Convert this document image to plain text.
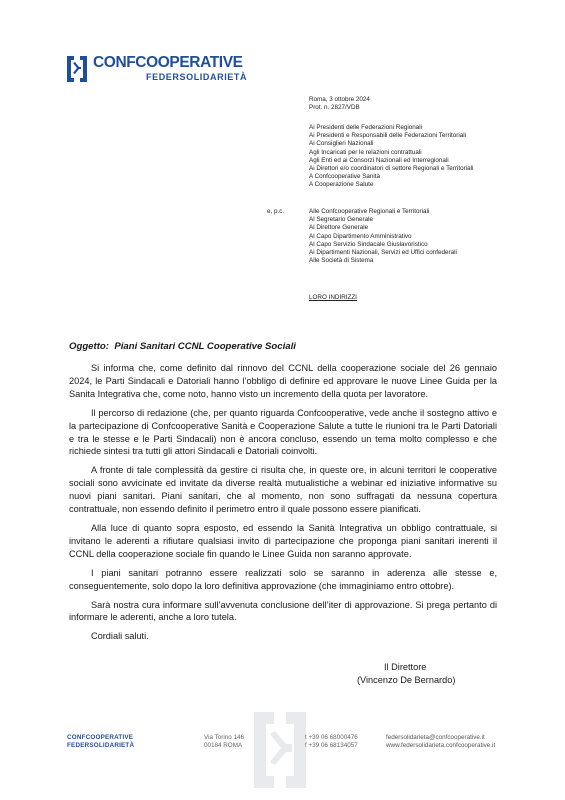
CONFCOOPERATIVE
FEDERSOLIDARIETÀ
Roma, 3 ottobre 2024
Prot. n. 2827/VDB
Ai Presidenti delle Federazioni Regionali
Ai Presidenti e Responsabili delle Federazioni Territoriali
Ai Consiglieri Nazionali
Agli Incaricati per le relazioni contrattuali
Agli Enti ed ai Consorzi Nazionali ed Interregionali
Ai Direttori e/o coordinatori di settore Regionali e Territoriali
A Confcooperative Sanità
A Cooperazione Salute
e, p.c.	Alle Confcooperative Regionali e Territoriali
Al Segretario Generale
Al Direttore Generale
Al Capo Dipartimento Amministrativo
Al Capo Servizio Sindacale Giuslavoristico
Ai Dipartimenti Nazionali, Servizi ed Uffici confederali
Alle Società di Sistema
LORO INDIRIZZI
Oggetto:  Piani Sanitari CCNL Cooperative Sociali

Si informa che, come definito dal rinnovo del CCNL della cooperazione sociale del 26 gennaio 2024, le Parti Sindacali e Datoriali hanno l’obbligo di definire ed approvare le nuove Linee Guida per la Sanita Integrativa che, come noto, hanno visto un incremento della quota per lavoratore.

Il percorso di redazione (che, per quanto riguarda Confcooperative, vede anche il sostegno attivo e la partecipazione di Confcooperative Sanità e Cooperazione Salute a tutte le riunioni tra le Parti Datoriali e tra le stesse e le Parti Sindacali) non è ancora concluso, essendo un tema molto complesso e che richiede sintesi tra tutti gli attori Sindacali e Datoriali coinvolti.

A fronte di tale complessità da gestire ci risulta che, in queste ore, in alcuni territori le cooperative sociali sono avvicinate ed invitate da diverse realtà mutualistiche a webinar ed iniziative informative su nuovi piani sanitari. Piani sanitari, che al momento, non sono suffragati da nessuna copertura contrattuale, non essendo definito il perimetro entro il quale possono essere pianificati.

Alla luce di quanto sopra esposto, ed essendo la Sanità Integrativa un obbligo contrattuale, si invitano le aderenti a rifiutare qualsiasi invito di partecipazione che proponga piani sanitari inerenti il CCNL della cooperazione sociale fin quando le Linee Guida non saranno approvate.

I piani sanitari potranno essere realizzati solo se saranno in aderenza alle stesse e, conseguentemente, solo dopo la loro definitiva approvazione (che immaginiamo entro ottobre).

Sarà nostra cura informare sull’avvenuta conclusione dell’iter di approvazione. Si prega pertanto di informare le aderenti, anche a loro tutela.

Cordiali saluti.

Il Direttore
(Vincenzo De Bernardo)
CONFCOOPERATIVE
FEDERSOLIDARIETÀ
Via Torino 146
00184 ROMA
t +39 06 68000476
f +39 06 68134057
federsolidarieta@confcooperative.it
www.federsolidarieta.confcooperative.it
